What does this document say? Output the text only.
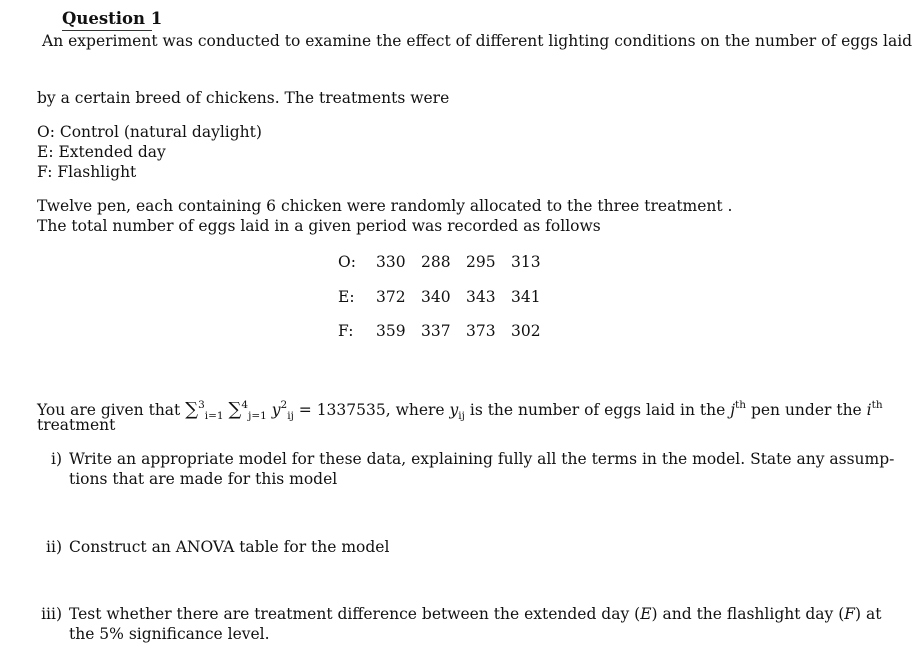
Question 1
An experiment was conducted to examine the effect of different lighting conditions on the number of eggs laid
by a certain breed of chickens. The treatments were
O: Control (natural daylight)
E: Extended day
F: Flashlight
Twelve pen, each containing 6 chicken were randomly allocated to the three treatment .
The total number of eggs laid in a given period was recorded as follows
O:	330	288	295	313
E:	372	340	343	341
F:	359	337	373	302
You are given that ∑$^3_{i=1}$ ∑$^4_{j=1}$ $y^2_{ij} = 1337535$, where $y_{ij}$ is the number of eggs laid in the $j^{th}$ pen under the $i^{th}$
treatment
i) Write an appropriate model for these data, explaining fully all the terms in the model. State any assump-
tions that are made for this model
ii) Construct an ANOVA table for the model
iii) Test whether there are treatment difference between the extended day (E) and the flashlight day (F) at
the 5% significance level.
